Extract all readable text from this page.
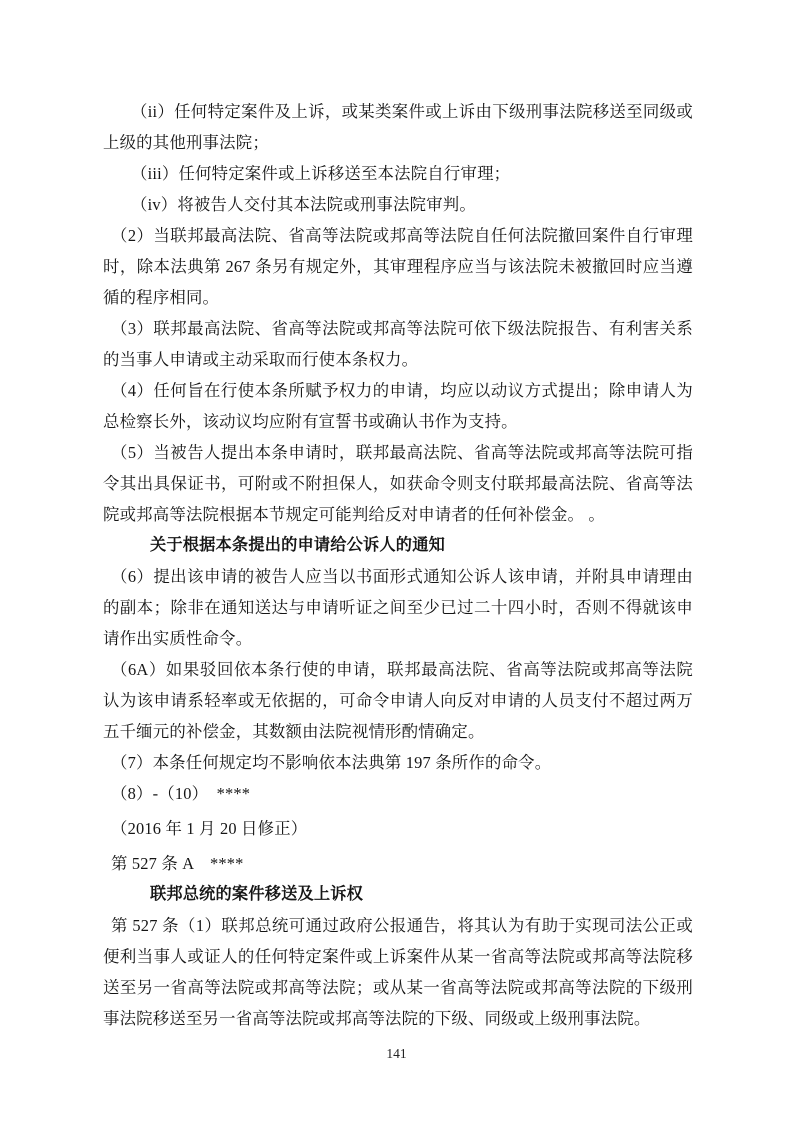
（ii）任何特定案件及上诉，或某类案件或上诉由下级刑事法院移送至同级或上级的其他刑事法院；

（iii）任何特定案件或上诉移送至本法院自行审理；

（iv）将被告人交付其本法院或刑事法院审判。

（2）当联邦最高法院、省高等法院或邦高等法院自任何法院撤回案件自行审理时，除本法典第 267 条另有规定外，其审理程序应当与该法院未被撤回时应当遵循的程序相同。

（3）联邦最高法院、省高等法院或邦高等法院可依下级法院报告、有利害关系的当事人申请或主动采取而行使本条权力。

（4）任何旨在行使本条所赋予权力的申请，均应以动议方式提出；除申请人为总检察长外，该动议均应附有宣誓书或确认书作为支持。

（5）当被告人提出本条申请时，联邦最高法院、省高等法院或邦高等法院可指令其出具保证书，可附或不附担保人，如获命令则支付联邦最高法院、省高等法院或邦高等法院根据本节规定可能判给反对申请者的任何补偿金。 。

关于根据本条提出的申请给公诉人的通知

（6）提出该申请的被告人应当以书面形式通知公诉人该申请，并附具申请理由的副本；除非在通知送达与申请听证之间至少已过二十四小时，否则不得就该申请作出实质性命令。

（6A）如果驳回依本条行使的申请，联邦最高法院、省高等法院或邦高等法院认为该申请系轻率或无依据的，可命令申请人向反对申请的人员支付不超过两万五千缅元的补偿金，其数额由法院视情形酌情确定。

（7）本条任何规定均不影响依本法典第 197 条所作的命令。

（8）-（10）　****

（2016 年 1 月 20 日修正）

第 527 条 A　****

联邦总统的案件移送及上诉权

第 527 条（1）联邦总统可通过政府公报通告，将其认为有助于实现司法公正或便利当事人或证人的任何特定案件或上诉案件从某一省高等法院或邦高等法院移送至另一省高等法院或邦高等法院；或从某一省高等法院或邦高等法院的下级刑事法院移送至另一省高等法院或邦高等法院的下级、同级或上级刑事法院。

141
